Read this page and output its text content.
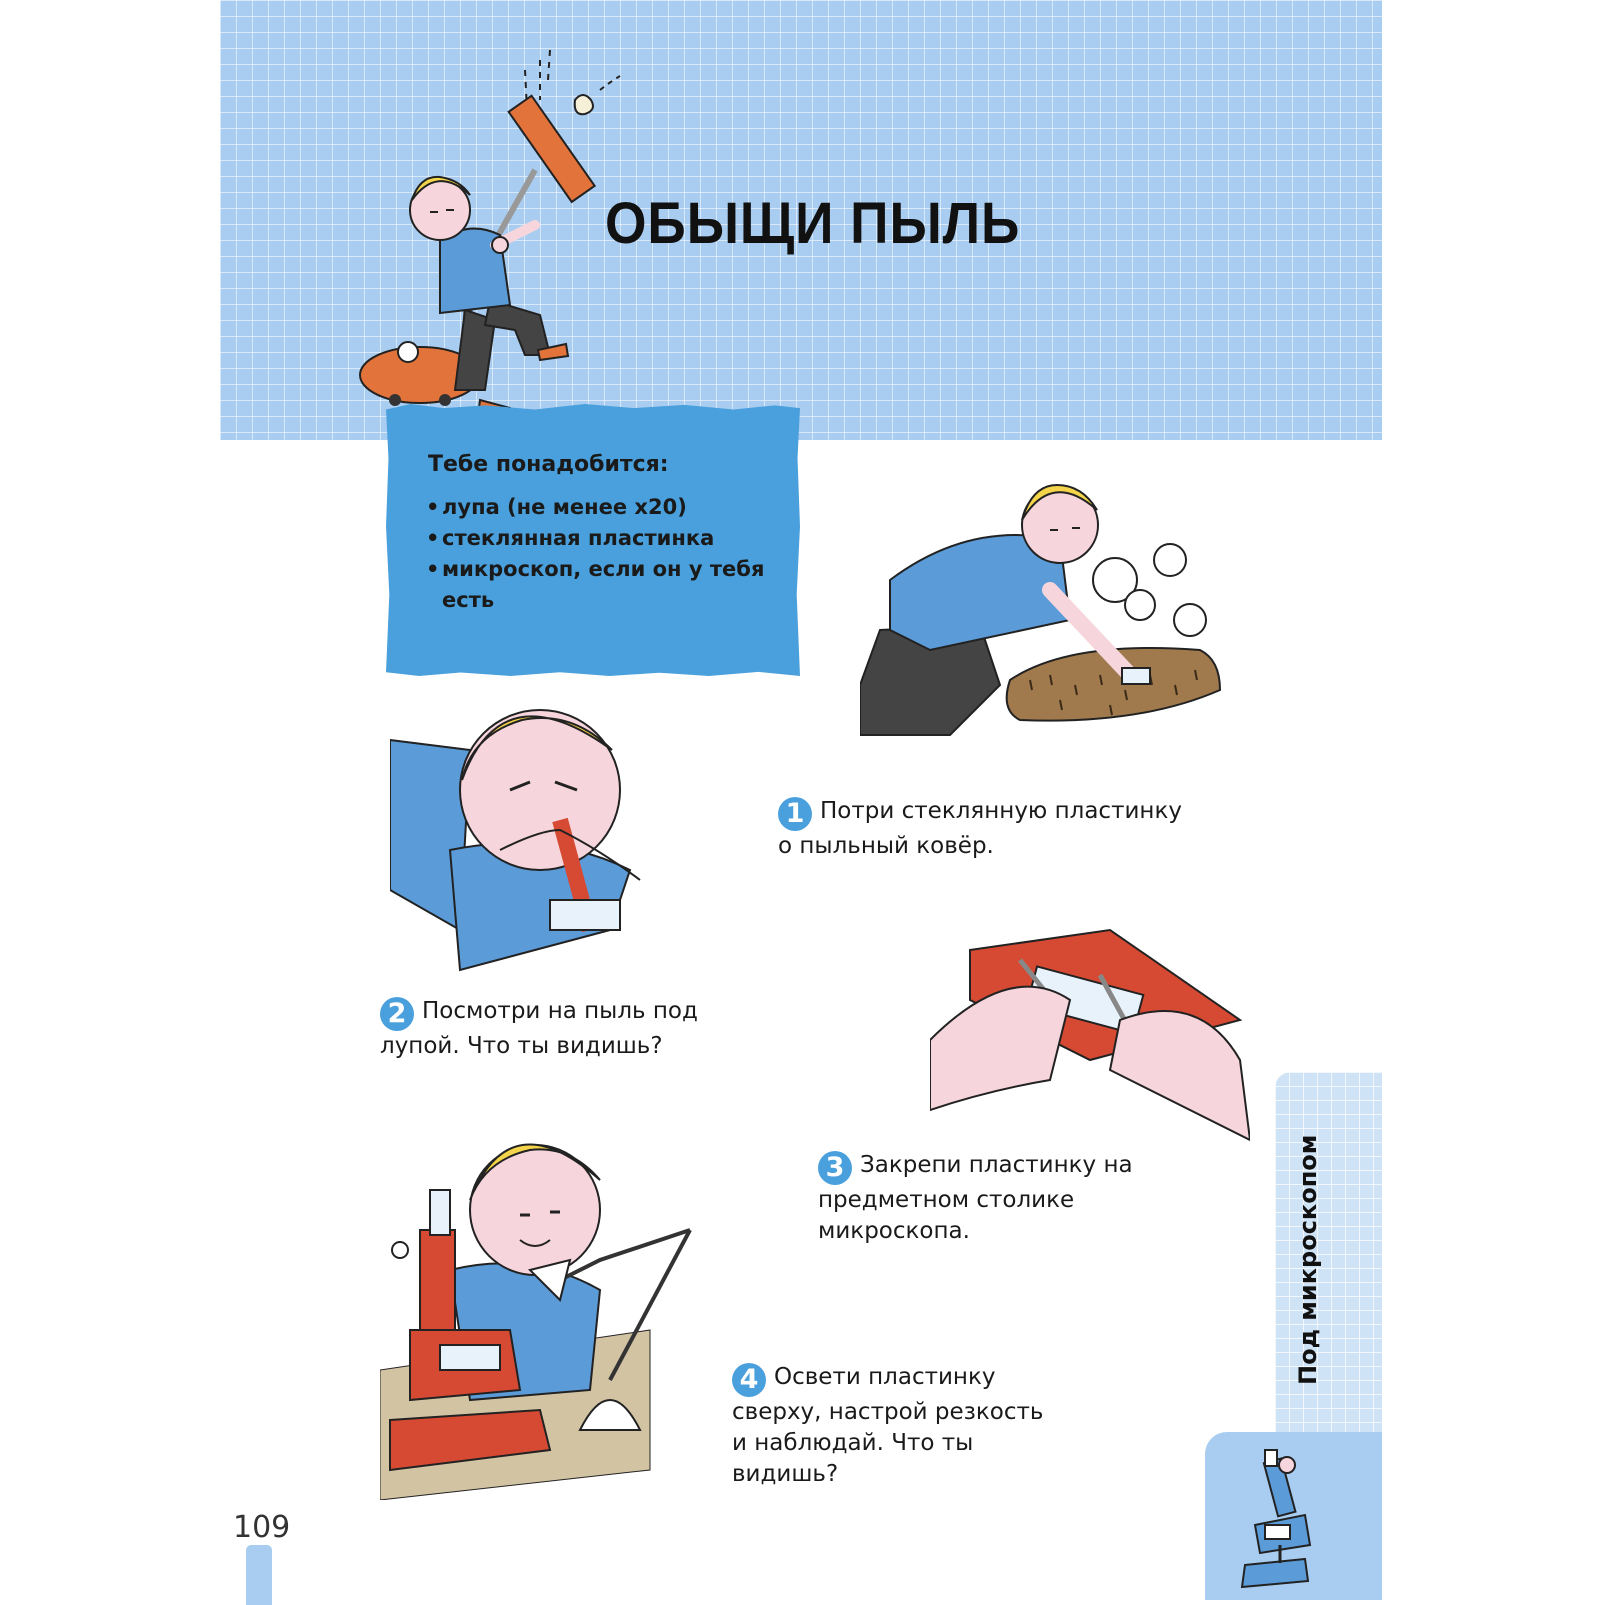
ОБЫЩИ ПЫЛЬ
Тебе понадобится:
• лупа (не менее х20)
• стеклянная пластинка
• микроскоп, если он у тебя есть
1 Потри стеклянную пластинку о пыльный ковёр.
2 Посмотри на пыль под лупой. Что ты видишь?
3 Закрепи пластинку на предметном столике микроскопа.
4 Освети пластинку сверху, настрой резкость и наблюдай. Что ты видишь?
Под микроскопом
109
